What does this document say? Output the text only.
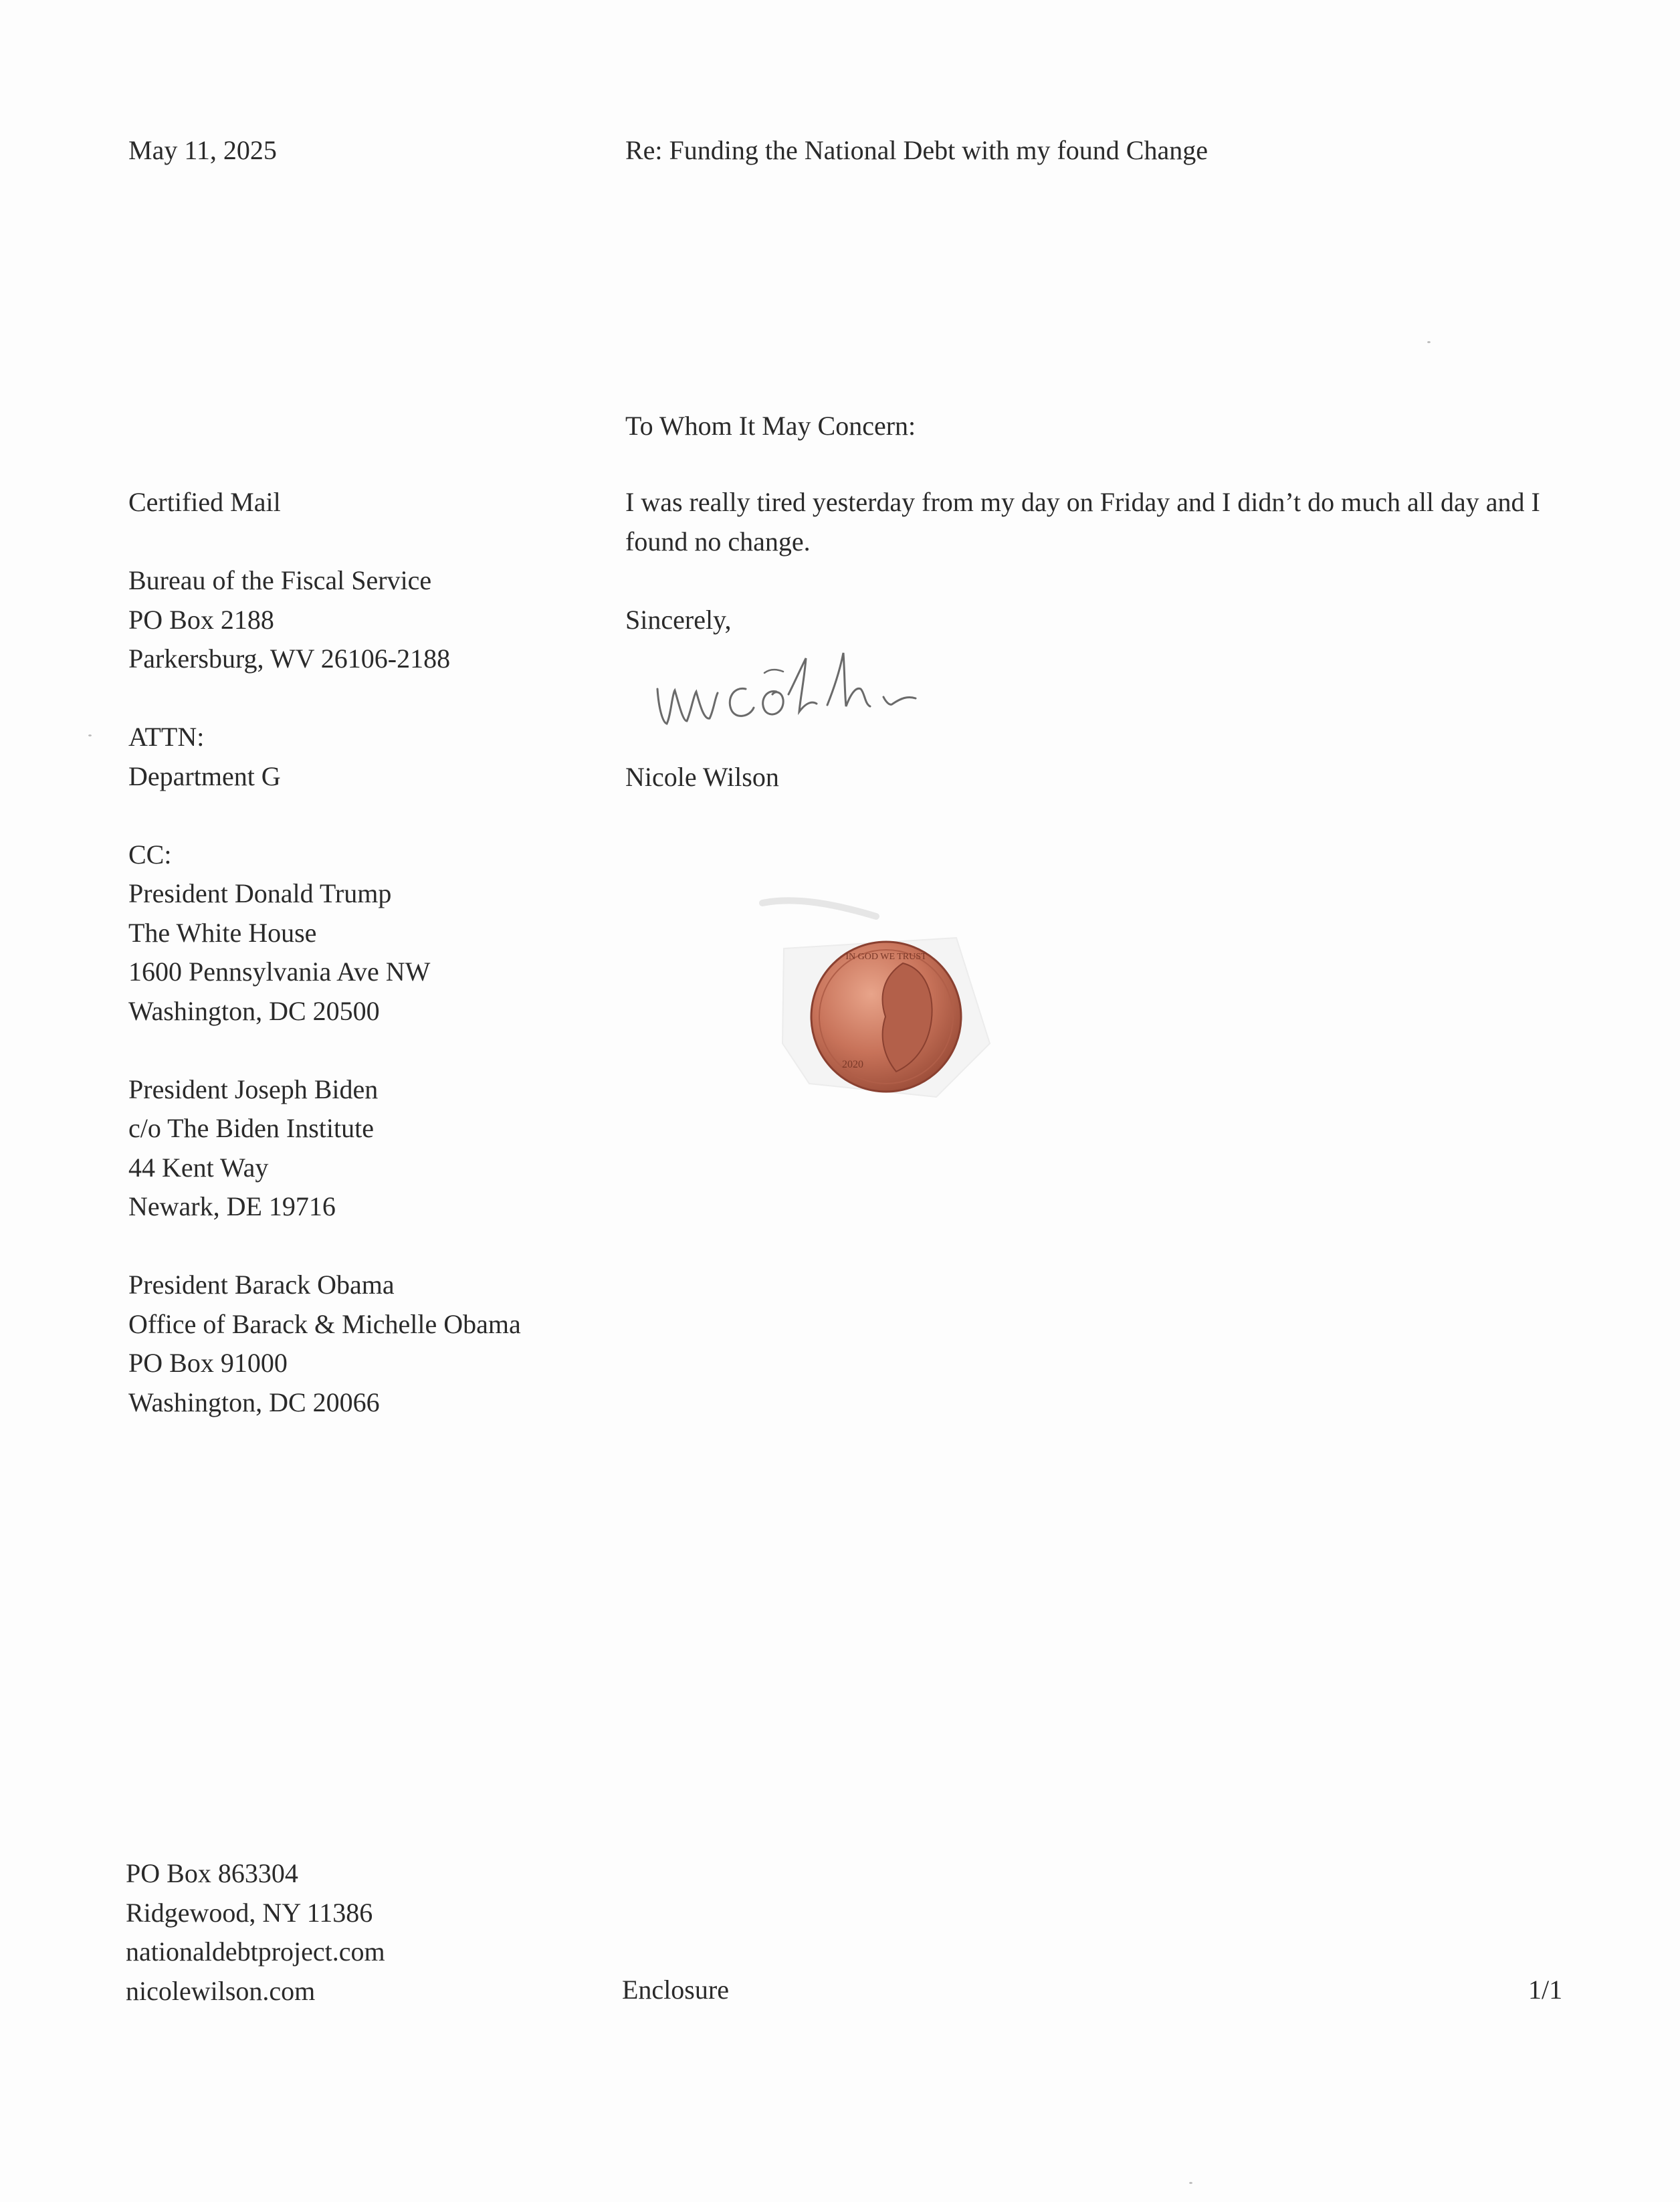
May 11, 2025	Re: Funding the National Debt with my found Change
To Whom It May Concern:
I was really tired yesterday from my day on Friday and I didn’t do much all day and I found no change.
Sincerely,
Nicole Wilson
Certified Mail
Bureau of the Fiscal Service
PO Box 2188
Parkersburg, WV 26106-2188
ATTN:
Department G
CC:
President Donald Trump
The White House
1600 Pennsylvania Ave NW
Washington, DC 20500
President Joseph Biden
c/o The Biden Institute
44 Kent Way
Newark, DE 19716
President Barack Obama
Office of Barack & Michelle Obama
PO Box 91000
Washington, DC 20066
IN GOD WE TRUST
2020
PO Box 863304
Ridgewood, NY 11386
nationaldebtproject.com
nicolewilson.com	Enclosure	1/1
